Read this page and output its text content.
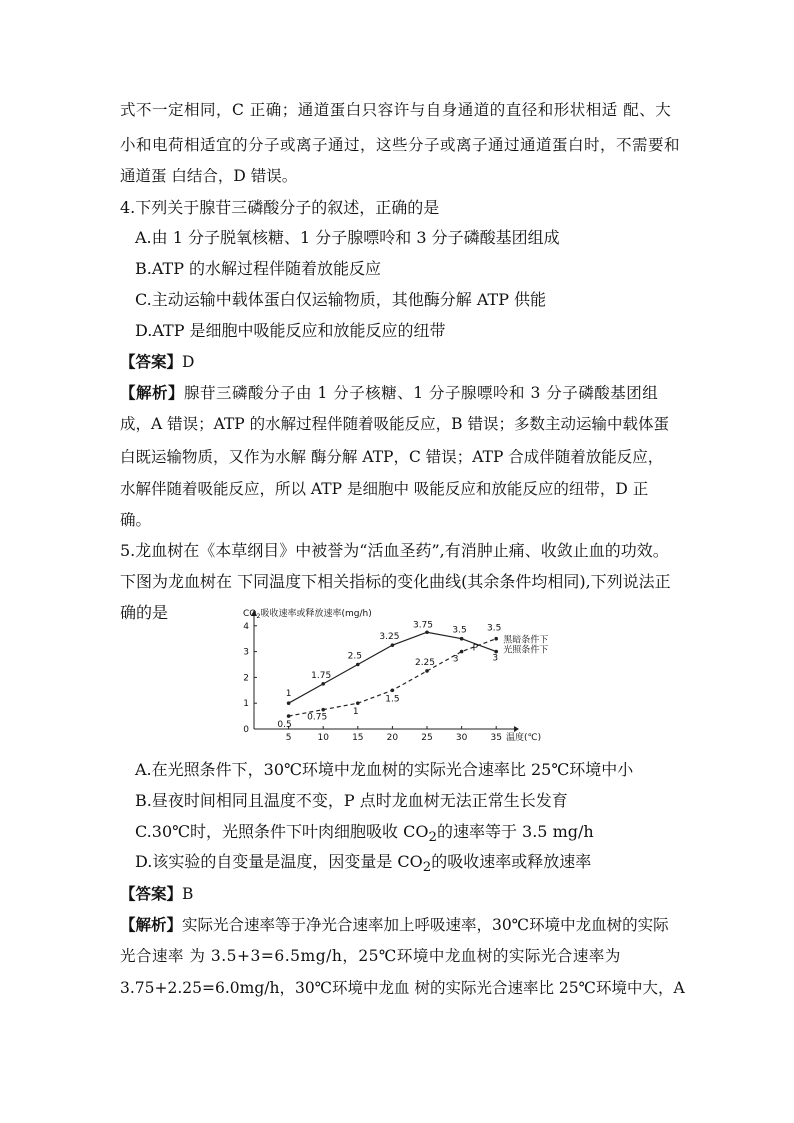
式不一定相同，C 正确；通道蛋白只容许与自身通道的直径和形状相适 配、大
小和电荷相适宜的分子或离子通过，这些分子或离子通过通道蛋白时，不需要和
通道蛋 白结合，D 错误。
4.下列关于腺苷三磷酸分子的叙述，正确的是
A.由 1 分子脱氧核糖、1 分子腺嘌呤和 3 分子磷酸基团组成
B.ATP 的水解过程伴随着放能反应
C.主动运输中载体蛋白仅运输物质，其他酶分解 ATP 供能
D.ATP 是细胞中吸能反应和放能反应的纽带
【答案】D
【解析】腺苷三磷酸分子由 1 分子核糖、1 分子腺嘌呤和 3 分子磷酸基团组
成，A 错误；ATP 的水解过程伴随着吸能反应，B 错误；多数主动运输中载体蛋
白既运输物质，又作为水解 酶分解 ATP，C 错误；ATP 合成伴随着放能反应，
水解伴随着吸能反应，所以 ATP 是细胞中 吸能反应和放能反应的纽带，D 正
确。
5.龙血树在《本草纲目》中被誉为“活血圣药”,有消肿止痛、收敛止血的功效。
下图为龙血树在 下同温度下相关指标的变化曲线(其余条件均相同),下列说法正
确的是	$CO_2$吸收速率或释放速率(mg/h)
温度(℃)
0
1
2
3
4
5	10	15	20	25	30	35
1
1.75
2.5
3.25
3.75
3.5
3
0.5
0.75
1
1.5
2.25 3
3.5
黑暗条件下
光照条件下
P
A.在光照条件下，30℃环境中龙血树的实际光合速率比 25℃环境中小
B.昼夜时间相同且温度不变，P 点时龙血树无法正常生长发育
C.30℃时，光照条件下叶肉细胞吸收 $CO_2$的速率等于 3.5 mg/h
D.该实验的自变量是温度，因变量是 $CO_2$的吸收速率或释放速率
【答案】B
【解析】实际光合速率等于净光合速率加上呼吸速率，30℃环境中龙血树的实际
光合速率 为 3.5+3=6.5mg/h，25℃环境中龙血树的实际光合速率为
3.75+2.25=6.0mg/h，30℃环境中龙血 树的实际光合速率比 25℃环境中大，A
